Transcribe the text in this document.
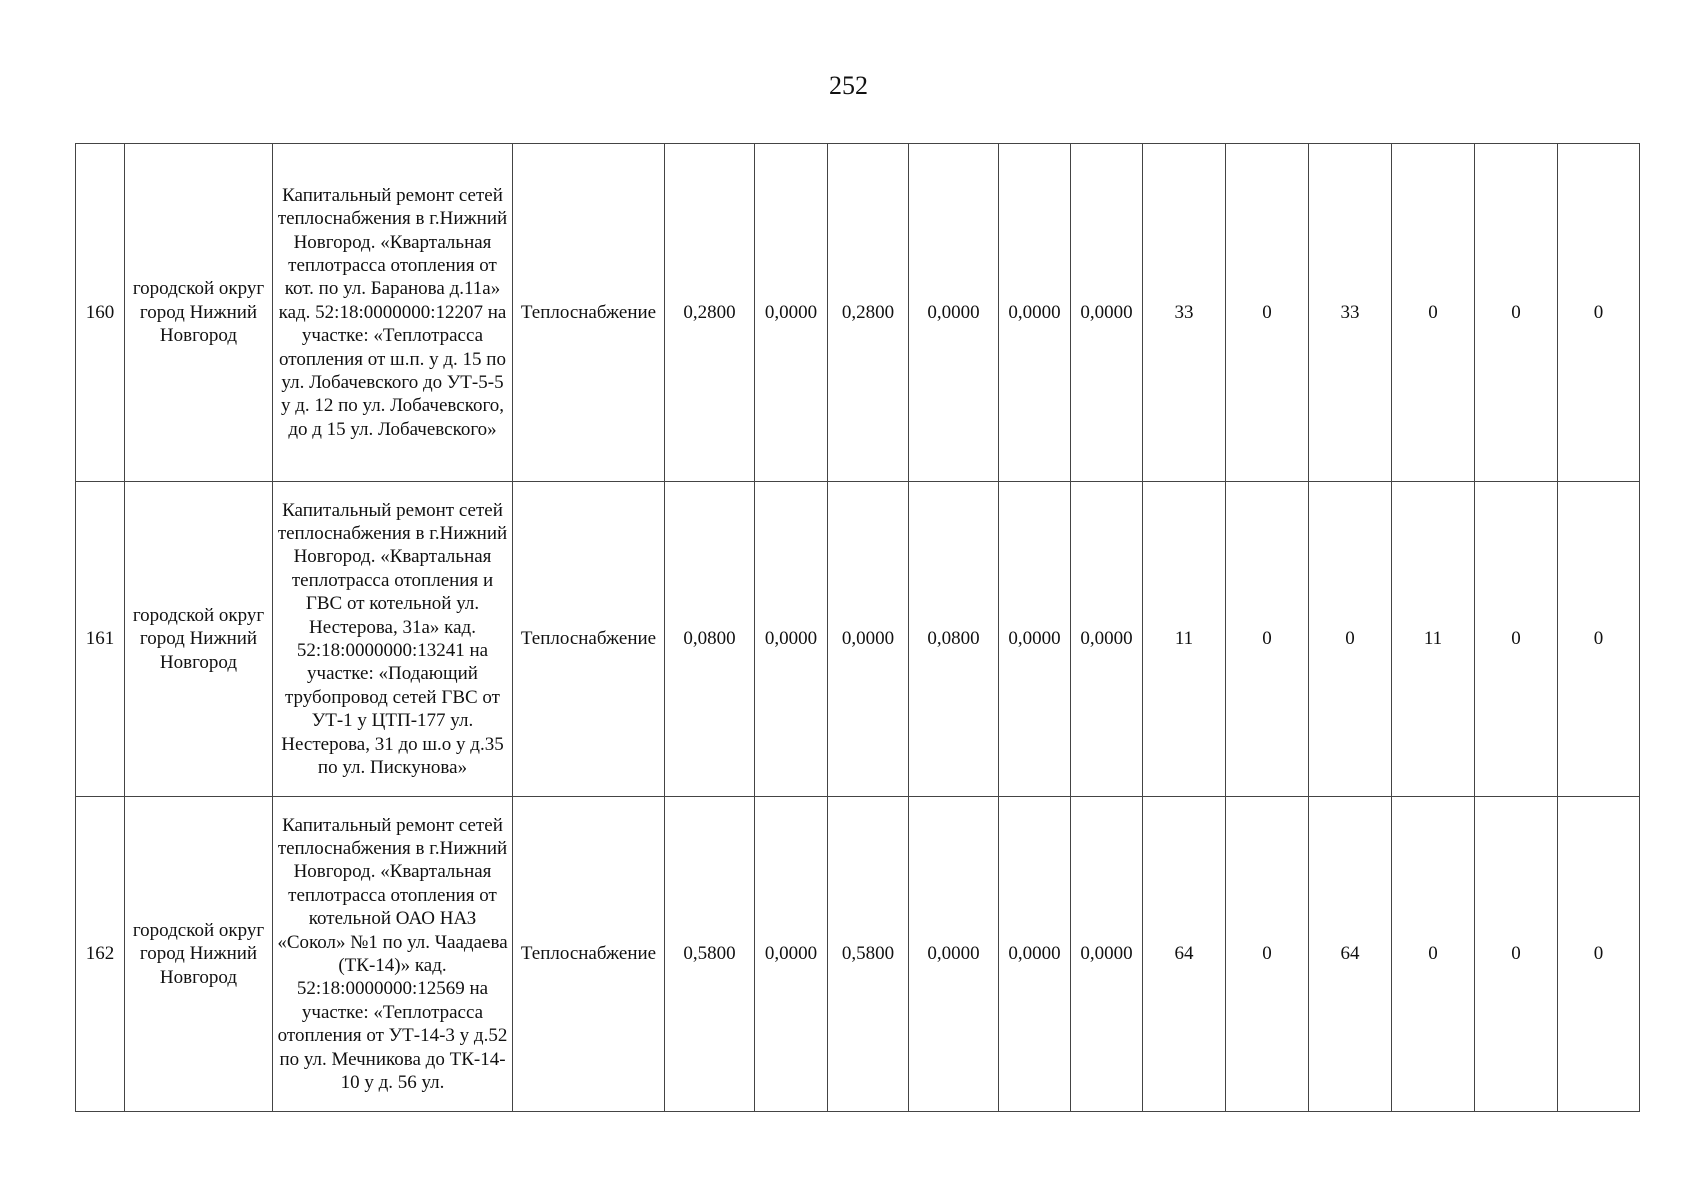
252
160	городской округ город Нижний Новгород	Капитальный ремонт сетей теплоснабжения в г.Нижний Новгород. «Квартальная теплотрасса отопления от кот. по ул. Баранова д.11а» кад. 52:18:0000000:12207 на участке: «Теплотрасса отопления от ш.п. у д. 15 по ул. Лобачевского до УТ-5-5 у д. 12 по ул. Лобачевского, до д 15 ул. Лобачевского»	Теплоснабжение	0,2800	0,0000	0,2800	0,0000	0,0000	0,0000	33	0	33	0	0	0
161	городской округ город Нижний Новгород	Капитальный ремонт сетей теплоснабжения в г.Нижний Новгород. «Квартальная теплотрасса отопления и ГВС от котельной ул. Нестерова, 31а» кад. 52:18:0000000:13241 на участке: «Подающий трубопровод сетей ГВС от УТ-1 у ЦТП-177 ул. Нестерова, 31 до ш.о у д.35 по ул. Пискунова»	Теплоснабжение	0,0800	0,0000	0,0000	0,0800	0,0000	0,0000	11	0	0	11	0	0
162	городской округ город Нижний Новгород	Капитальный ремонт сетей теплоснабжения в г.Нижний Новгород. «Квартальная теплотрасса отопления от котельной ОАО НАЗ «Сокол» №1 по ул. Чаадаева (ТК-14)» кад. 52:18:0000000:12569 на участке: «Теплотрасса отопления от УТ-14-3 у д.52 по ул. Мечникова до ТК-14-10 у д. 56 ул.	Теплоснабжение	0,5800	0,0000	0,5800	0,0000	0,0000	0,0000	64	0	64	0	0	0
